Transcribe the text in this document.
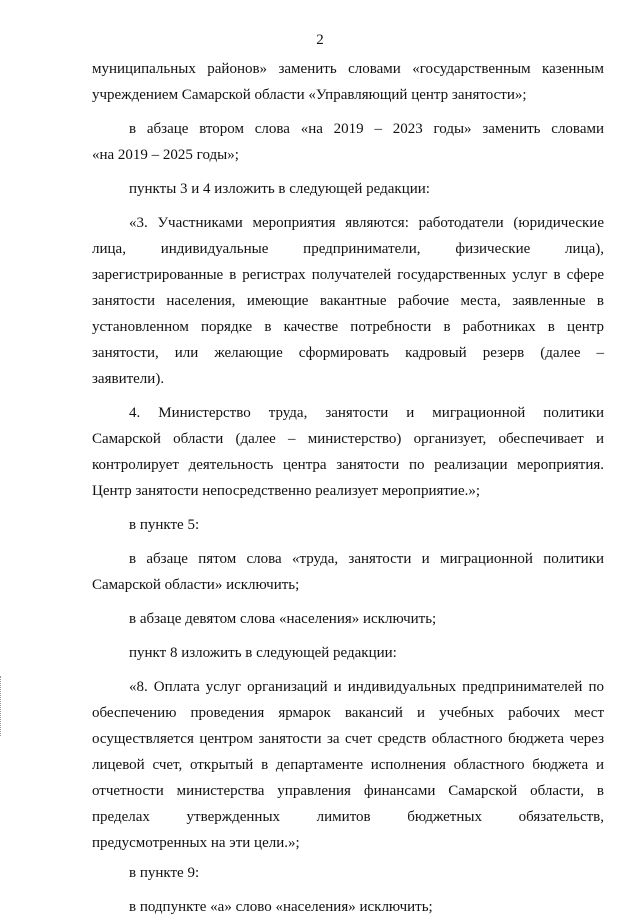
2
муниципальных районов» заменить словами «государственным казенным
учреждением Самарской области «Управляющий центр занятости»;
в абзаце втором слова «на 2019 – 2023 годы» заменить словами
«на 2019 – 2025 годы»;
пункты 3 и 4 изложить в следующей редакции:
«3. Участниками мероприятия являются: работодатели (юридические
лица, индивидуальные предприниматели, физические лица),
зарегистрированные в регистрах получателей государственных услуг в сфере
занятости населения, имеющие вакантные рабочие места, заявленные в
установленном порядке в качестве потребности в работниках в центр
занятости, или желающие сформировать кадровый резерв (далее –
заявители).
4. Министерство труда, занятости и миграционной политики
Самарской области (далее – министерство) организует, обеспечивает и
контролирует деятельность центра занятости по реализации мероприятия.
Центр занятости непосредственно реализует мероприятие.»;
в пункте 5:
в абзаце пятом слова «труда, занятости и миграционной политики
Самарской области» исключить;
в абзаце девятом слова «населения» исключить;
пункт 8 изложить в следующей редакции:
«8. Оплата услуг организаций и индивидуальных предпринимателей по
обеспечению проведения ярмарок вакансий и учебных рабочих мест
осуществляется центром занятости за счет средств областного бюджета через
лицевой счет, открытый в департаменте исполнения областного бюджета и
отчетности министерства управления финансами Самарской области, в
пределах утвержденных лимитов бюджетных обязательств,
предусмотренных на эти цели.»;
в пункте 9:
в подпункте «а» слово «населения» исключить;
